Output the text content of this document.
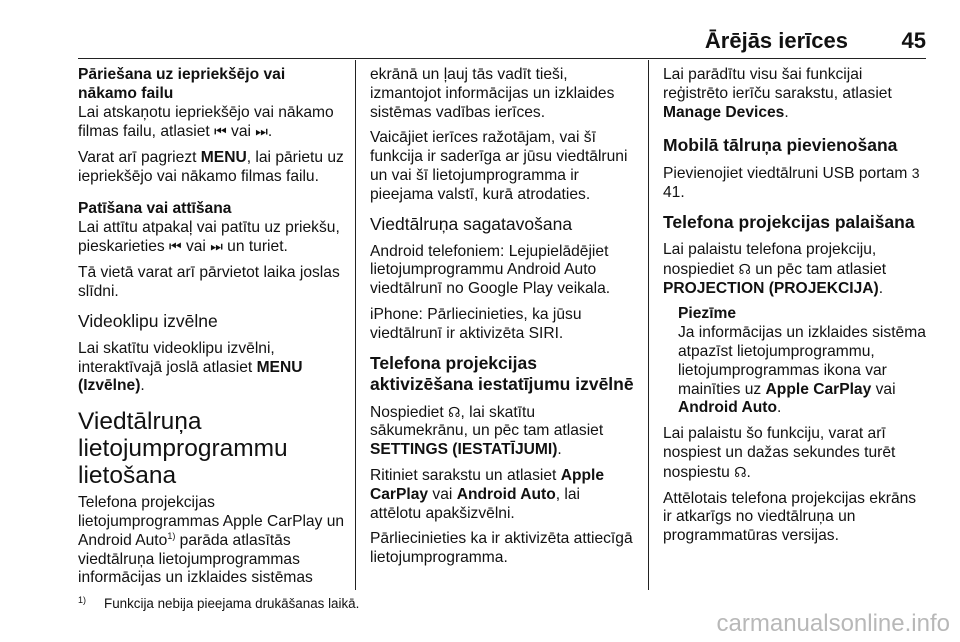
Ārējās ierīces 45

Pāriešana uz iepriekšējo vai nākamo failu

Lai atskaņotu iepriekšējo vai nākamo filmas failu, atlasiet ⏮ vai ⏭.

Varat arī pagriezt MENU, lai pārietu uz iepriekšējo vai nākamo filmas failu.

Patīšana vai attīšana

Lai attītu atpakaļ vai patītu uz priekšu, pieskarieties ⏮ vai ⏭ un turiet.

Tā vietā varat arī pārvietot laika joslas slīdni.

Videoklipu izvēlne

Lai skatītu videoklipu izvēlni, interaktīvajā joslā atlasiet MENU (Izvēlne).

Viedtālruņa lietojumprogrammu lietošana

Telefona projekcijas lietojumprogrammas Apple CarPlay un Android Auto$^{1)}$ parāda atlasītās viedtālruņa lietojumprogrammas informācijas un izklaides sistēmas

ekrānā un ļauj tās vadīt tieši, izmantojot informācijas un izklaides sistēmas vadības ierīces.

Vaicājiet ierīces ražotājam, vai šī funkcija ir saderīga ar jūsu viedtālruni un vai šī lietojumprogramma ir pieejama valstī, kurā atrodaties.

Viedtālruņa sagatavošana

Android telefoniem: Lejupielādējiet lietojumprogrammu Android Auto viedtālrunī no Google Play veikala.

iPhone: Pārliecinieties, ka jūsu viedtālrunī ir aktivizēta SIRI.

Telefona projekcijas aktivizēšana iestatījumu izvēlnē

Nospiediet ☊, lai skatītu sākumekrānu, un pēc tam atlasiet SETTINGS (IESTATĪJUMI).

Ritiniet sarakstu un atlasiet Apple CarPlay vai Android Auto, lai attēlotu apakšizvēlni.

Pārliecinieties ka ir aktivizēta attiecīgā lietojumprogramma.

Lai parādītu visu šai funkcijai reģistrēto ierīču sarakstu, atlasiet Manage Devices.

Mobilā tālruņa pievienošana

Pievienojiet viedtālruni USB portam 3 41.

Telefona projekcijas palaišana

Lai palaistu telefona projekciju, nospiediet ☊ un pēc tam atlasiet PROJECTION (PROJEKCIJA).

Piezīme

Ja informācijas un izklaides sistēma atpazīst lietojumprogrammu, lietojumprogrammas ikona var mainīties uz Apple CarPlay vai Android Auto.

Lai palaistu šo funkciju, varat arī nospiest un dažas sekundes turēt nospiestu ☊.

Attēlotais telefona projekcijas ekrāns ir atkarīgs no viedtālruņa un programmatūras versijas.

$^{1)}$ Funkcija nebija pieejama drukāšanas laikā.
carmanualsonline.info
